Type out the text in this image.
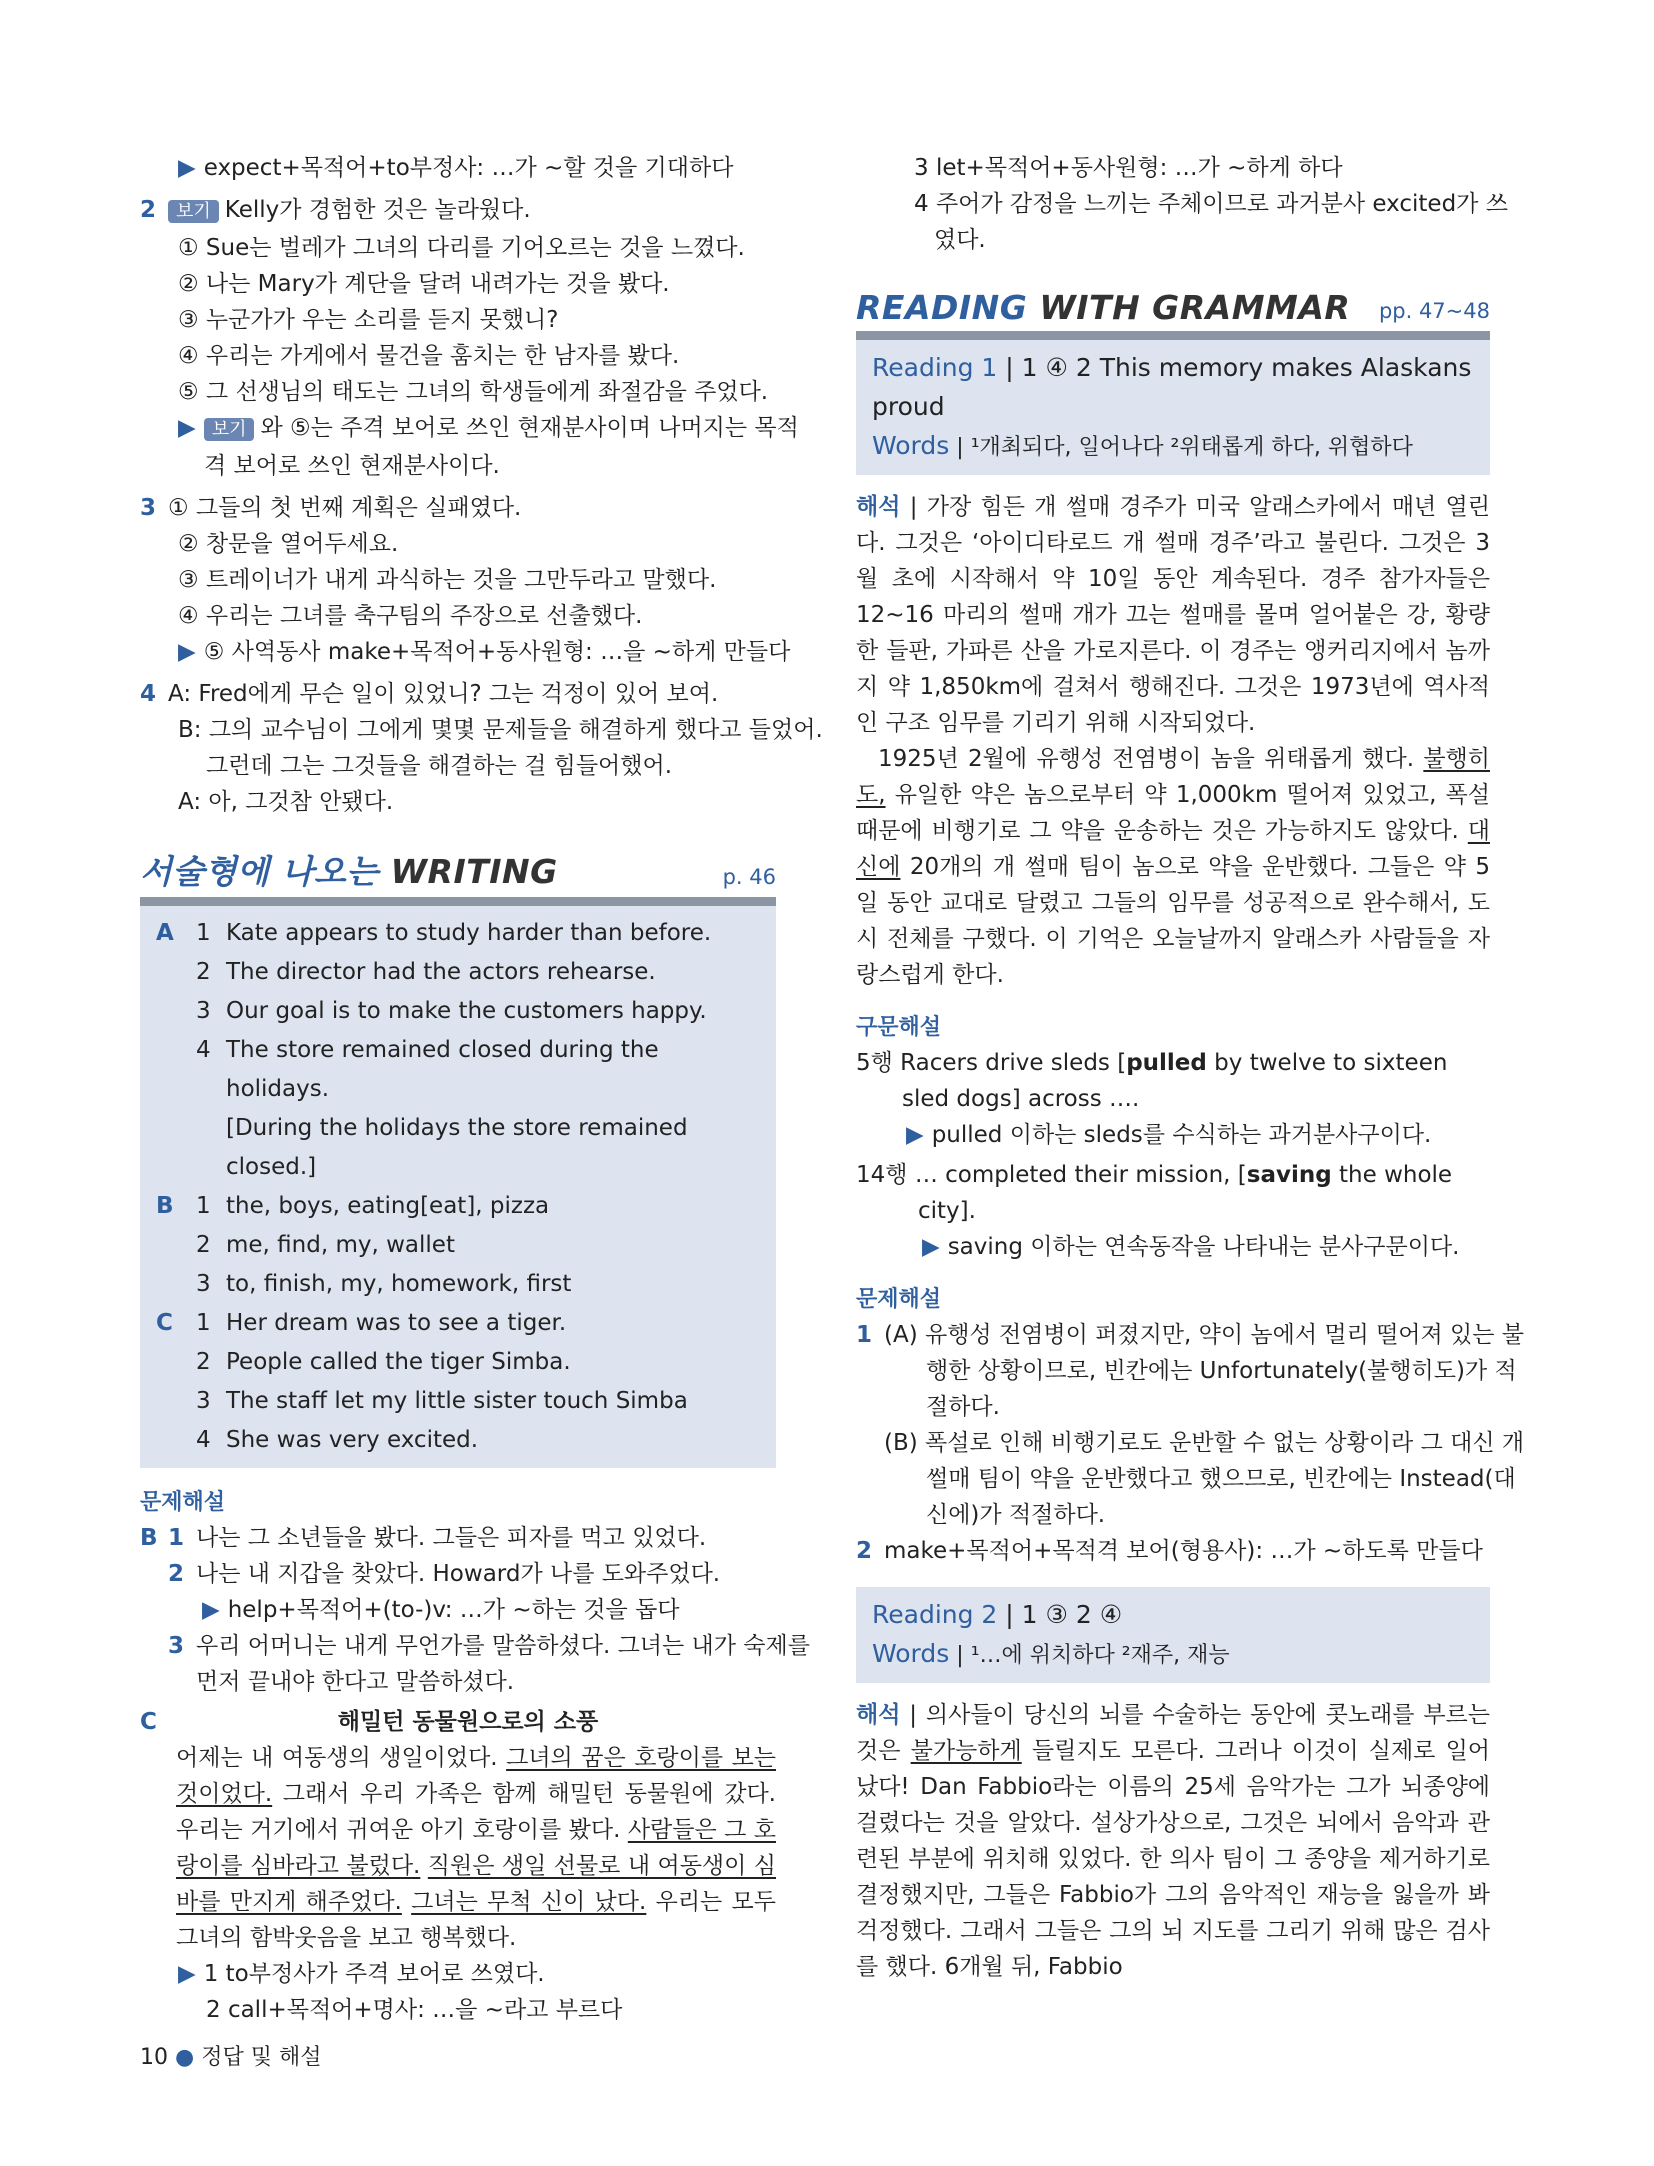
▶ expect+목적어+to부정사: …가 ~할 것을 기대하다
2 보기 Kelly가 경험한 것은 놀라웠다.
① Sue는 벌레가 그녀의 다리를 기어오르는 것을 느꼈다.
② 나는 Mary가 계단을 달려 내려가는 것을 봤다.
③ 누군가가 우는 소리를 듣지 못했니?
④ 우리는 가게에서 물건을 훔치는 한 남자를 봤다.
⑤ 그 선생님의 태도는 그녀의 학생들에게 좌절감을 주었다.
▶ 보기 와 ⑤는 주격 보어로 쓰인 현재분사이며 나머지는 목적
격 보어로 쓰인 현재분사이다.
3 ① 그들의 첫 번째 계획은 실패였다.
② 창문을 열어두세요.
③ 트레이너가 내게 과식하는 것을 그만두라고 말했다.
④ 우리는 그녀를 축구팀의 주장으로 선출했다.
▶ ⑤ 사역동사 make+목적어+동사원형: …을 ~하게 만들다
4 A: Fred에게 무슨 일이 있었니? 그는 걱정이 있어 보여.
B: 그의 교수님이 그에게 몇몇 문제들을 해결하게 했다고 들었어.
그런데 그는 그것들을 해결하는 걸 힘들어했어.
A: 아, 그것참 안됐다.
서술형에 나오는 WRITING	p. 46
A 1 Kate appears to study harder than before.
2 The director had the actors rehearse.
3 Our goal is to make the customers happy.
4 The store remained closed during the holidays.
[During the holidays the store remained closed.]
B 1 the, boys, eating[eat], pizza
2 me, find, my, wallet
3 to, finish, my, homework, first
C	1 Her dream was to see a tiger.
2 People called the tiger Simba.
3 The staff let my little sister touch Simba
4 She was very excited.
문제해설
B 1 나는 그 소년들을 봤다. 그들은 피자를 먹고 있었다.
2 나는 내 지갑을 찾았다. Howard가 나를 도와주었다.
▶ help+목적어+(to-)v: …가 ~하는 것을 돕다
3 우리 어머니는 내게 무언가를 말씀하셨다. 그녀는 내가 숙제를
먼저 끝내야 한다고 말씀하셨다.
C	해밀턴 동물원으로의 소풍
어제는 내 여동생의 생일이었다. 그녀의 꿈은 호랑이를 보는 것이었다. 그래서 우리 가족은 함께 해밀턴 동물원에 갔다. 우리는 거기에서 귀여운 아기 호랑이를 봤다. 사람들은 그 호랑이를 심바라고 불렀다. 직원은 생일 선물로 내 여동생이 심바를 만지게 해주었다. 그녀는 무척 신이 났다. 우리는 모두 그녀의 함박웃음을 보고 행복했다.
▶ 1 to부정사가 주격 보어로 쓰였다.
2 call+목적어+명사: …을 ~라고 부르다
3 let+목적어+동사원형: …가 ~하게 하다
4 주어가 감정을 느끼는 주체이므로 과거분사 excited가 쓰
였다.
READING WITH GRAMMAR pp. 47~48
Reading 1 | 1 ④ 2 This memory makes Alaskans proud
Words | ¹개최되다, 일어나다 ²위태롭게 하다, 위협하다
해석 | 가장 힘든 개 썰매 경주가 미국 알래스카에서 매년 열린다. 그것은 ‘아이디타로드 개 썰매 경주’라고 불린다. 그것은 3월 초에 시작해서 약 10일 동안 계속된다. 경주 참가자들은 12~16 마리의 썰매 개가 끄는 썰매를 몰며 얼어붙은 강, 황량한 들판, 가파른 산을 가로지른다. 이 경주는 앵커리지에서 놈까지 약 1,850km에 걸쳐서 행해진다. 그것은 1973년에 역사적인 구조 임무를 기리기 위해 시작되었다.
1925년 2월에 유행성 전염병이 놈을 위태롭게 했다. 불행히도, 유일한 약은 놈으로부터 약 1,000km 떨어져 있었고, 폭설 때문에 비행기로 그 약을 운송하는 것은 가능하지도 않았다. 대신에 20개의 개 썰매 팀이 놈으로 약을 운반했다. 그들은 약 5일 동안 교대로 달렸고 그들의 임무를 성공적으로 완수해서, 도시 전체를 구했다. 이 기억은 오늘날까지 알래스카 사람들을 자랑스럽게 한다.
구문해설
5행 Racers drive sleds [pulled by twelve to sixteen
sled dogs] across ….
▶ pulled 이하는 sleds를 수식하는 과거분사구이다.
14행 … completed their mission, [saving the whole
city].
▶ saving 이하는 연속동작을 나타내는 분사구문이다.
문제해설
1 (A) 유행성 전염병이 퍼졌지만, 약이 놈에서 멀리 떨어져 있는 불
행한 상황이므로, 빈칸에는 Unfortunately(불행히도)가 적
절하다.
(B) 폭설로 인해 비행기로도 운반할 수 없는 상황이라 그 대신 개
썰매 팀이 약을 운반했다고 했으므로, 빈칸에는 Instead(대
신에)가 적절하다.
2 make+목적어+목적격 보어(형용사): …가 ~하도록 만들다
Reading 2 | 1 ③ 2 ④
Words | ¹…에 위치하다 ²재주, 재능
해석 | 의사들이 당신의 뇌를 수술하는 동안에 콧노래를 부르는 것은 불가능하게 들릴지도 모른다. 그러나 이것이 실제로 일어났다! Dan Fabbio라는 이름의 25세 음악가는 그가 뇌종양에 걸렸다는 것을 알았다. 설상가상으로, 그것은 뇌에서 음악과 관련된 부분에 위치해 있었다. 한 의사 팀이 그 종양을 제거하기로 결정했지만, 그들은 Fabbio가 그의 음악적인 재능을 잃을까 봐 걱정했다. 그래서 그들은 그의 뇌 지도를 그리기 위해 많은 검사를 했다. 6개월 뒤, Fabbio
10 ● 정답 및 해설
